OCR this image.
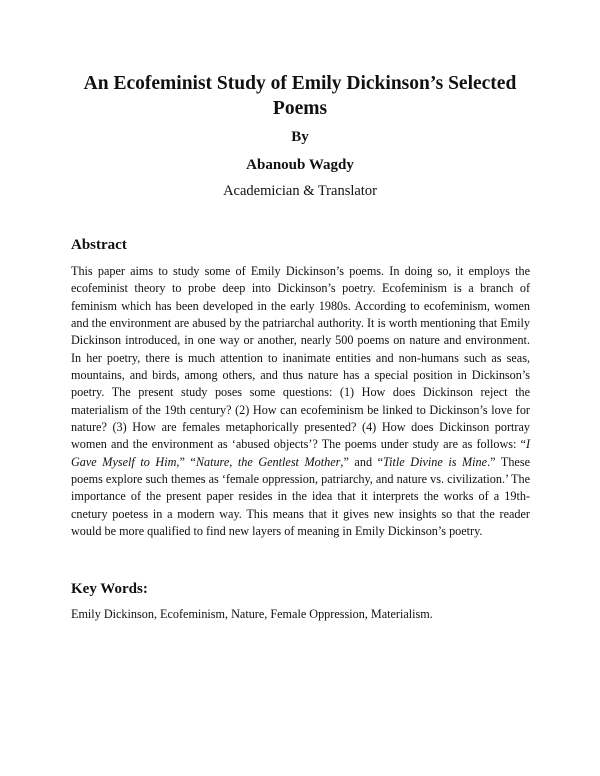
An Ecofeminist Study of Emily Dickinson’s Selected Poems
By
Abanoub Wagdy
Academician & Translator
Abstract

This paper aims to study some of Emily Dickinson’s poems. In doing so, it employs the ecofeminist theory to probe deep into Dickinson’s poetry. Ecofeminism is a branch of feminism which has been developed in the early 1980s. According to ecofeminism, women and the environment are abused by the patriarchal authority. It is worth mentioning that Emily Dickinson introduced, in one way or another, nearly 500 poems on nature and environment. In her poetry, there is much attention to inanimate entities and non-humans such as seas, mountains, and birds, among others, and thus nature has a special position in Dickinson’s poetry. The present study poses some questions: (1) How does Dickinson reject the materialism of the 19th century? (2) How can ecofeminism be linked to Dickinson’s love for nature? (3) How are females metaphorically presented? (4) How does Dickinson portray women and the environment as ‘abused objects’? The poems under study are as follows: “I Gave Myself to Him,” “Nature, the Gentlest Mother,” and “Title Divine is Mine.” These poems explore such themes as ‘female oppression, patriarchy, and nature vs. civilization.’ The importance of the present paper resides in the idea that it interprets the works of a 19th-cnetury poetess in a modern way. This means that it gives new insights so that the reader would be more qualified to find new layers of meaning in Emily Dickinson’s poetry.

Key Words:
Emily Dickinson, Ecofeminism, Nature, Female Oppression, Materialism.
